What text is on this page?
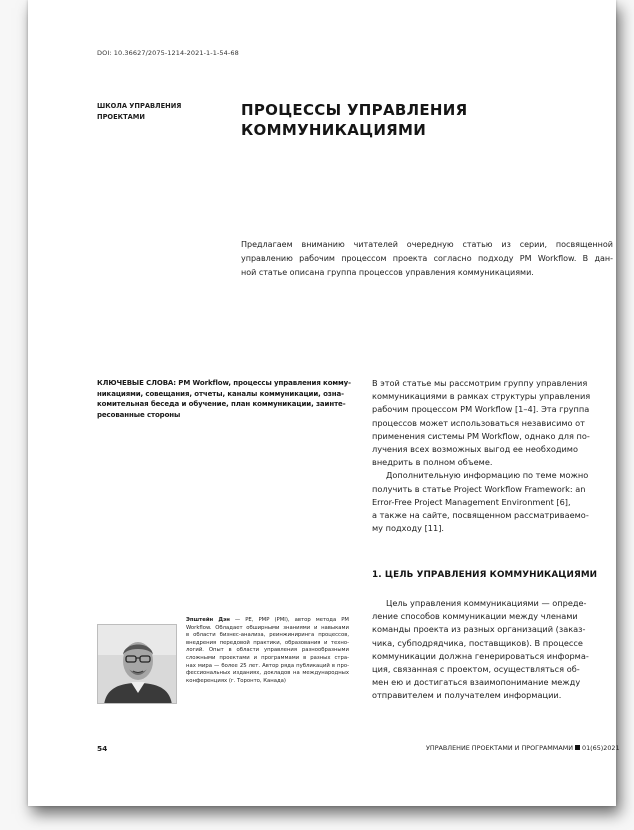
DOI: 10.36627/2075-1214-2021-1-1-54-68
ШКОЛА УПРАВЛЕНИЯ
ПРОЕКТАМИ	ПРОЦЕССЫ УПРАВЛЕНИЯ
КОММУНИКАЦИЯМИ
Предлагаем вниманию читателей очередную статью из серии, посвященной
управлению рабочим процессом проекта согласно подходу PM Workflow. В дан-
ной статье описана группа процессов управления коммуникациями.
КЛЮЧЕВЫЕ СЛОВА: PM Workflow, процессы управления комму-
никациями, совещания, отчеты, каналы коммуникации, озна-
комительная беседа и обучение, план коммуникации, заинте-
ресованные стороны

В этой статье мы рассмотрим группу управления
коммуникациями в рамках структуры управления
рабочим процессом PM Workflow [1–4]. Эта группа
процессов может использоваться независимо от
применения системы PM Workflow, однако для по-
лучения всех возможных выгод ее необходимо
внедрить в полном объеме.

Дополнительную информацию по теме можно
получить в статье Project Workflow Framework: an
Error-Free Project Management Environment [6],
а также на сайте, посвященном рассматриваемо-
му подходу [11].

1. ЦЕЛЬ УПРАВЛЕНИЯ КОММУНИКАЦИЯМИ
Цель управления коммуникациями — опреде-
ление способов коммуникации между членами
команды проекта из разных организаций (заказ-
чика, субподрядчика, поставщиков). В процессе
коммуникации должна генерироваться информа-
ция, связанная с проектом, осуществляться об-
мен ею и достигаться взаимопонимание между
отправителем и получателем информации.
Эпштейн Дэн — PE, PMP (PMI), автор метода PM
Workflow. Обладает обширными знаниями и навыками
в области бизнес-анализа, реинжиниринга процессов,
внедрения передовой практики, образования и техно-
логий. Опыт в области управления разнообразными
сложными проектами и программами в разных стра-
нах мира — более 25 лет. Автор ряда публикаций в про-
фессиональных изданиях, докладов на международных
конференциях (г. Торонто, Канада)
54	УПРАВЛЕНИЕ ПРОЕКТАМИ И ПРОГРАММАМИ 01(65)2021
